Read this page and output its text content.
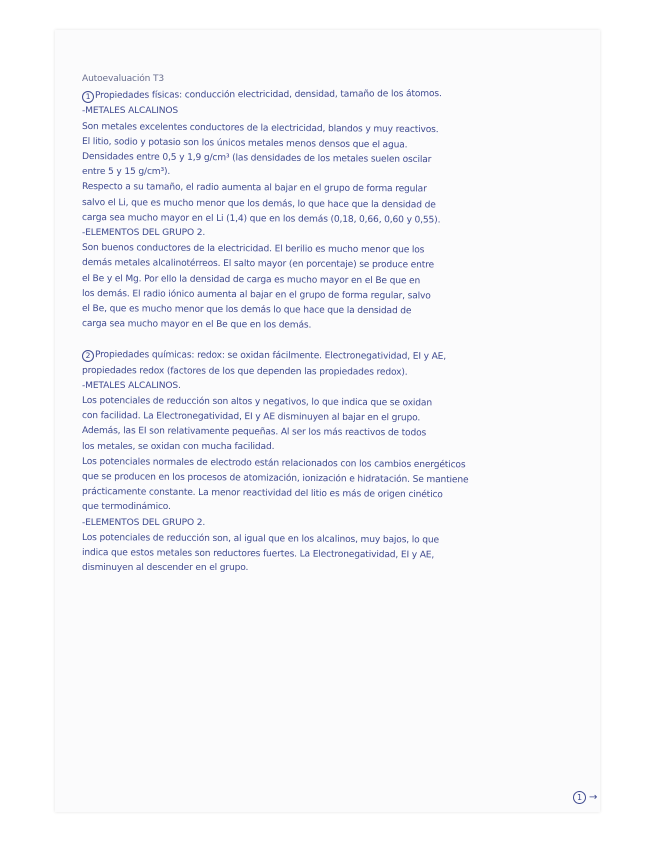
Autoevaluación T3
1 Propiedades físicas: conducción electricidad, densidad, tamaño de los átomos.
-METALES ALCALINOS
Son metales excelentes conductores de la electricidad, blandos y muy reactivos.
El litio, sodio y potasio son los únicos metales menos densos que el agua.
Densidades entre 0,5 y 1,9 g/cm³ (las densidades de los metales suelen oscilar
entre 5 y 15 g/cm³).
Respecto a su tamaño, el radio aumenta al bajar en el grupo de forma regular
salvo el Li, que es mucho menor que los demás, lo que hace que la densidad de
carga sea mucho mayor en el Li (1,4) que en los demás (0,18, 0,66, 0,60 y 0,55).
-ELEMENTOS DEL GRUPO 2.
Son buenos conductores de la electricidad. El berilio es mucho menor que los
demás metales alcalinotérreos. El salto mayor (en porcentaje) se produce entre
el Be y el Mg. Por ello la densidad de carga es mucho mayor en el Be que en
los demás. El radio iónico aumenta al bajar en el grupo de forma regular, salvo
el Be, que es mucho menor que los demás lo que hace que la densidad de
carga sea mucho mayor en el Be que en los demás.
2 Propiedades químicas: redox: se oxidan fácilmente. Electronegatividad, EI y AE,
propiedades redox (factores de los que dependen las propiedades redox).
-METALES ALCALINOS.
Los potenciales de reducción son altos y negativos, lo que indica que se oxidan
con facilidad. La Electronegatividad, EI y AE disminuyen al bajar en el grupo.
Además, las EI son relativamente pequeñas. Al ser los más reactivos de todos
los metales, se oxidan con mucha facilidad.
Los potenciales normales de electrodo están relacionados con los cambios energéticos
que se producen en los procesos de atomización, ionización e hidratación. Se mantiene
prácticamente constante. La menor reactividad del litio es más de origen cinético
que termodinámico.
-ELEMENTOS DEL GRUPO 2.
Los potenciales de reducción son, al igual que en los alcalinos, muy bajos, lo que
indica que estos metales son reductores fuertes. La Electronegatividad, EI y AE,
disminuyen al descender en el grupo.
1 →
